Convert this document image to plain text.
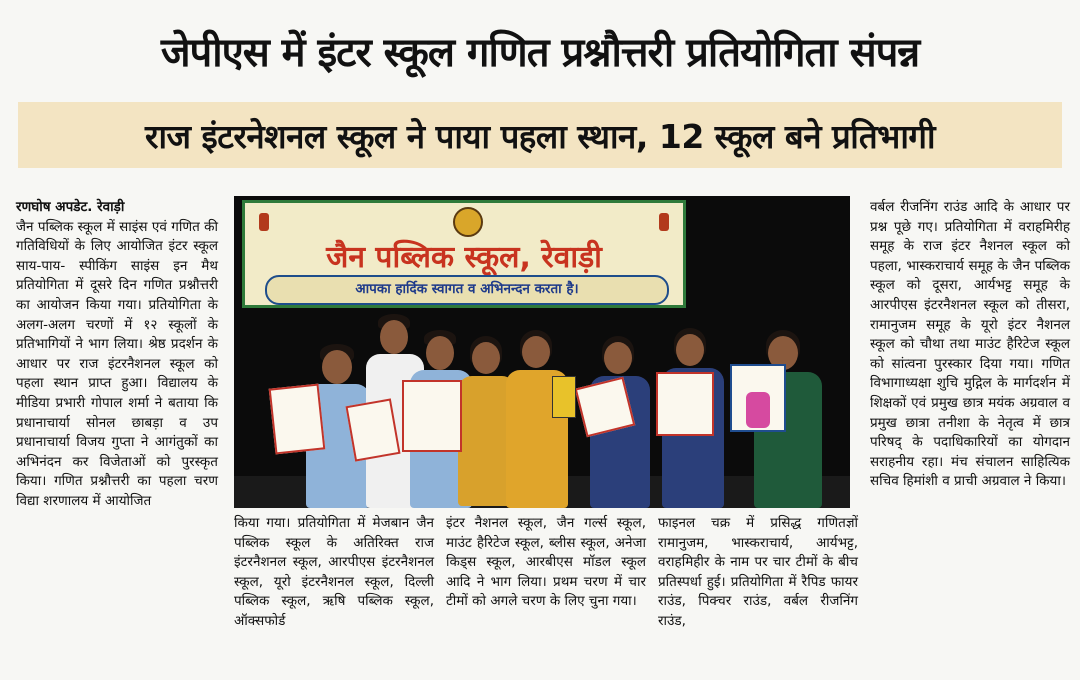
जेपीएस में इंटर स्कूल गणित प्रश्नौत्तरी प्रतियोगिता संपन्न
राज इंटरनेशनल स्कूल ने पाया पहला स्थान, 12 स्कूल बने प्रतिभागी
रणघोष अपडेट. रेवाड़ी

जैन पब्लिक स्कूल में साइंस एवं गणित की गतिविधियों के लिए आयोजित इंटर स्कूल साय-पाय- स्पीकिंग साइंस इन मैथ प्रतियोगिता में दूसरे दिन गणित प्रश्नौत्तरी का आयोजन किया गया। प्रतियोगिता के अलग-अलग चरणों में १२ स्कूलों के प्रतिभागियों ने भाग लिया। श्रेष्ठ प्रदर्शन के आधार पर राज इंटरनैशनल स्कूल को पहला स्थान प्राप्त हुआ। विद्यालय के मीडिया प्रभारी गोपाल शर्मा ने बताया कि प्रधानाचार्या सोनल छाबड़ा व उप प्रधानाचार्या विजय गुप्ता ने आगंतुकों का अभिनंदन कर विजेताओं को पुरस्कृत किया। गणित प्रश्नौत्तरी का पहला चरण विद्या शरणालय में आयोजित

जैन पब्लिक स्कूल, रेवाड़ी
आपका हार्दिक स्वागत व अभिनन्दन करता है।

किया गया। प्रतियोगिता में मेजबान जैन पब्लिक स्कूल के अतिरिक्त राज इंटरनैशनल स्कूल, आरपीएस इंटरनैशनल स्कूल, यूरो इंटरनैशनल स्कूल, दिल्ली पब्लिक स्कूल, ऋषि पब्लिक स्कूल, ऑक्सफोर्ड

इंटर नैशनल स्कूल, जैन गर्ल्स स्कूल, माउंट हैरिटेज स्कूल, ब्लीस स्कूल, अनेजा किड्स स्कूल, आरबीएस मॉडल स्कूल आदि ने भाग लिया। प्रथम चरण में चार टीमों को अगले चरण के लिए चुना गया।

फाइनल चक्र में प्रसिद्ध गणितज्ञों रामानुजम, भास्कराचार्य, आर्यभट्ट, वराहमिहीर के नाम पर चार टीमों के बीच प्रतिस्पर्धा हुई। प्रतियोगिता में रैपिड फायर राउंड, पिक्चर राउंड, वर्बल रीजनिंग राउंड,

वर्बल रीजनिंग राउंड आदि के आधार पर प्रश्न पूछे गए। प्रतियोगिता में वराहमिरीह समूह के राज इंटर नैशनल स्कूल को पहला, भास्कराचार्य समूह के जैन पब्लिक स्कूल को दूसरा, आर्यभट्ट समूह के आरपीएस इंटरनैशनल स्कूल को तीसरा, रामानुजम समूह के यूरो इंटर नैशनल स्कूल को चौथा तथा माउंट हैरिटेज स्कूल को सांत्वना पुरस्कार दिया गया। गणित विभागाध्यक्षा शुचि मुद्गिल के मार्गदर्शन में शिक्षकों एवं प्रमुख छात्र मयंक अग्रवाल व प्रमुख छात्रा तनीशा के नेतृत्व में छात्र परिषद् के पदाधिकारियों का योगदान सराहनीय रहा। मंच संचालन साहित्यिक सचिव हिमांशी व प्राची अग्रवाल ने किया।
